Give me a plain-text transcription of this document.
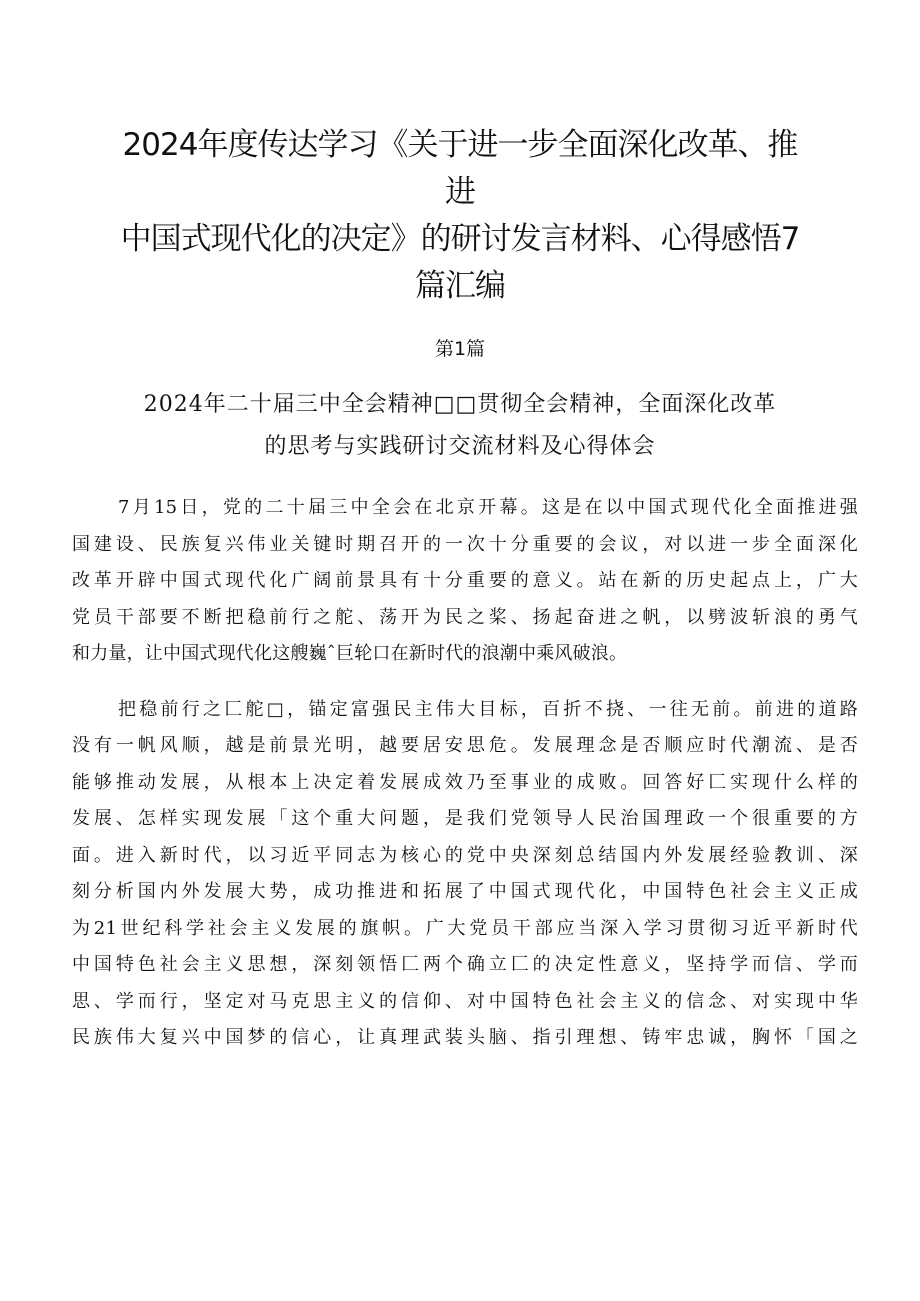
2024年度传达学习《关于进一步全面深化改革、推进
中国式现代化的决定》的研讨发言材料、心得感悟7
篇汇编
第1篇
2024年二十届三中全会精神□□贯彻全会精神，全面深化改革
的思考与实践研讨交流材料及心得体会
7月15日，党的二十届三中全会在北京开幕。这是在以中国式现代化全面推进强
国建设、民族复兴伟业关键时期召开的一次十分重要的会议，对以进一步全面深化
改革开辟中国式现代化广阔前景具有十分重要的意义。站在新的历史起点上，广大
党员干部要不断把稳前行之舵、荡开为民之桨、扬起奋进之帆，以劈波斩浪的勇气
和力量，让中国式现代化这艘巍ˆ巨轮口在新时代的浪潮中乘风破浪。
把稳前行之匚舵□，锚定富强民主伟大目标，百折不挠、一往无前。前进的道路
没有一帆风顺，越是前景光明，越要居安思危。发展理念是否顺应时代潮流、是否
能够推动发展，从根本上决定着发展成效乃至事业的成败。回答好匚实现什么样的
发展、怎样实现发展「这个重大问题，是我们党领导人民治国理政一个很重要的方
面。进入新时代，以习近平同志为核心的党中央深刻总结国内外发展经验教训、深
刻分析国内外发展大势，成功推进和拓展了中国式现代化，中国特色社会主义正成
为21世纪科学社会主义发展的旗帜。广大党员干部应当深入学习贯彻习近平新时代
中国特色社会主义思想，深刻领悟匚两个确立匚的决定性意义，坚持学而信、学而
思、学而行，坚定对马克思主义的信仰、对中国特色社会主义的信念、对实现中华
民族伟大复兴中国梦的信心，让真理武装头脑、指引理想、铸牢忠诚，胸怀「国之
